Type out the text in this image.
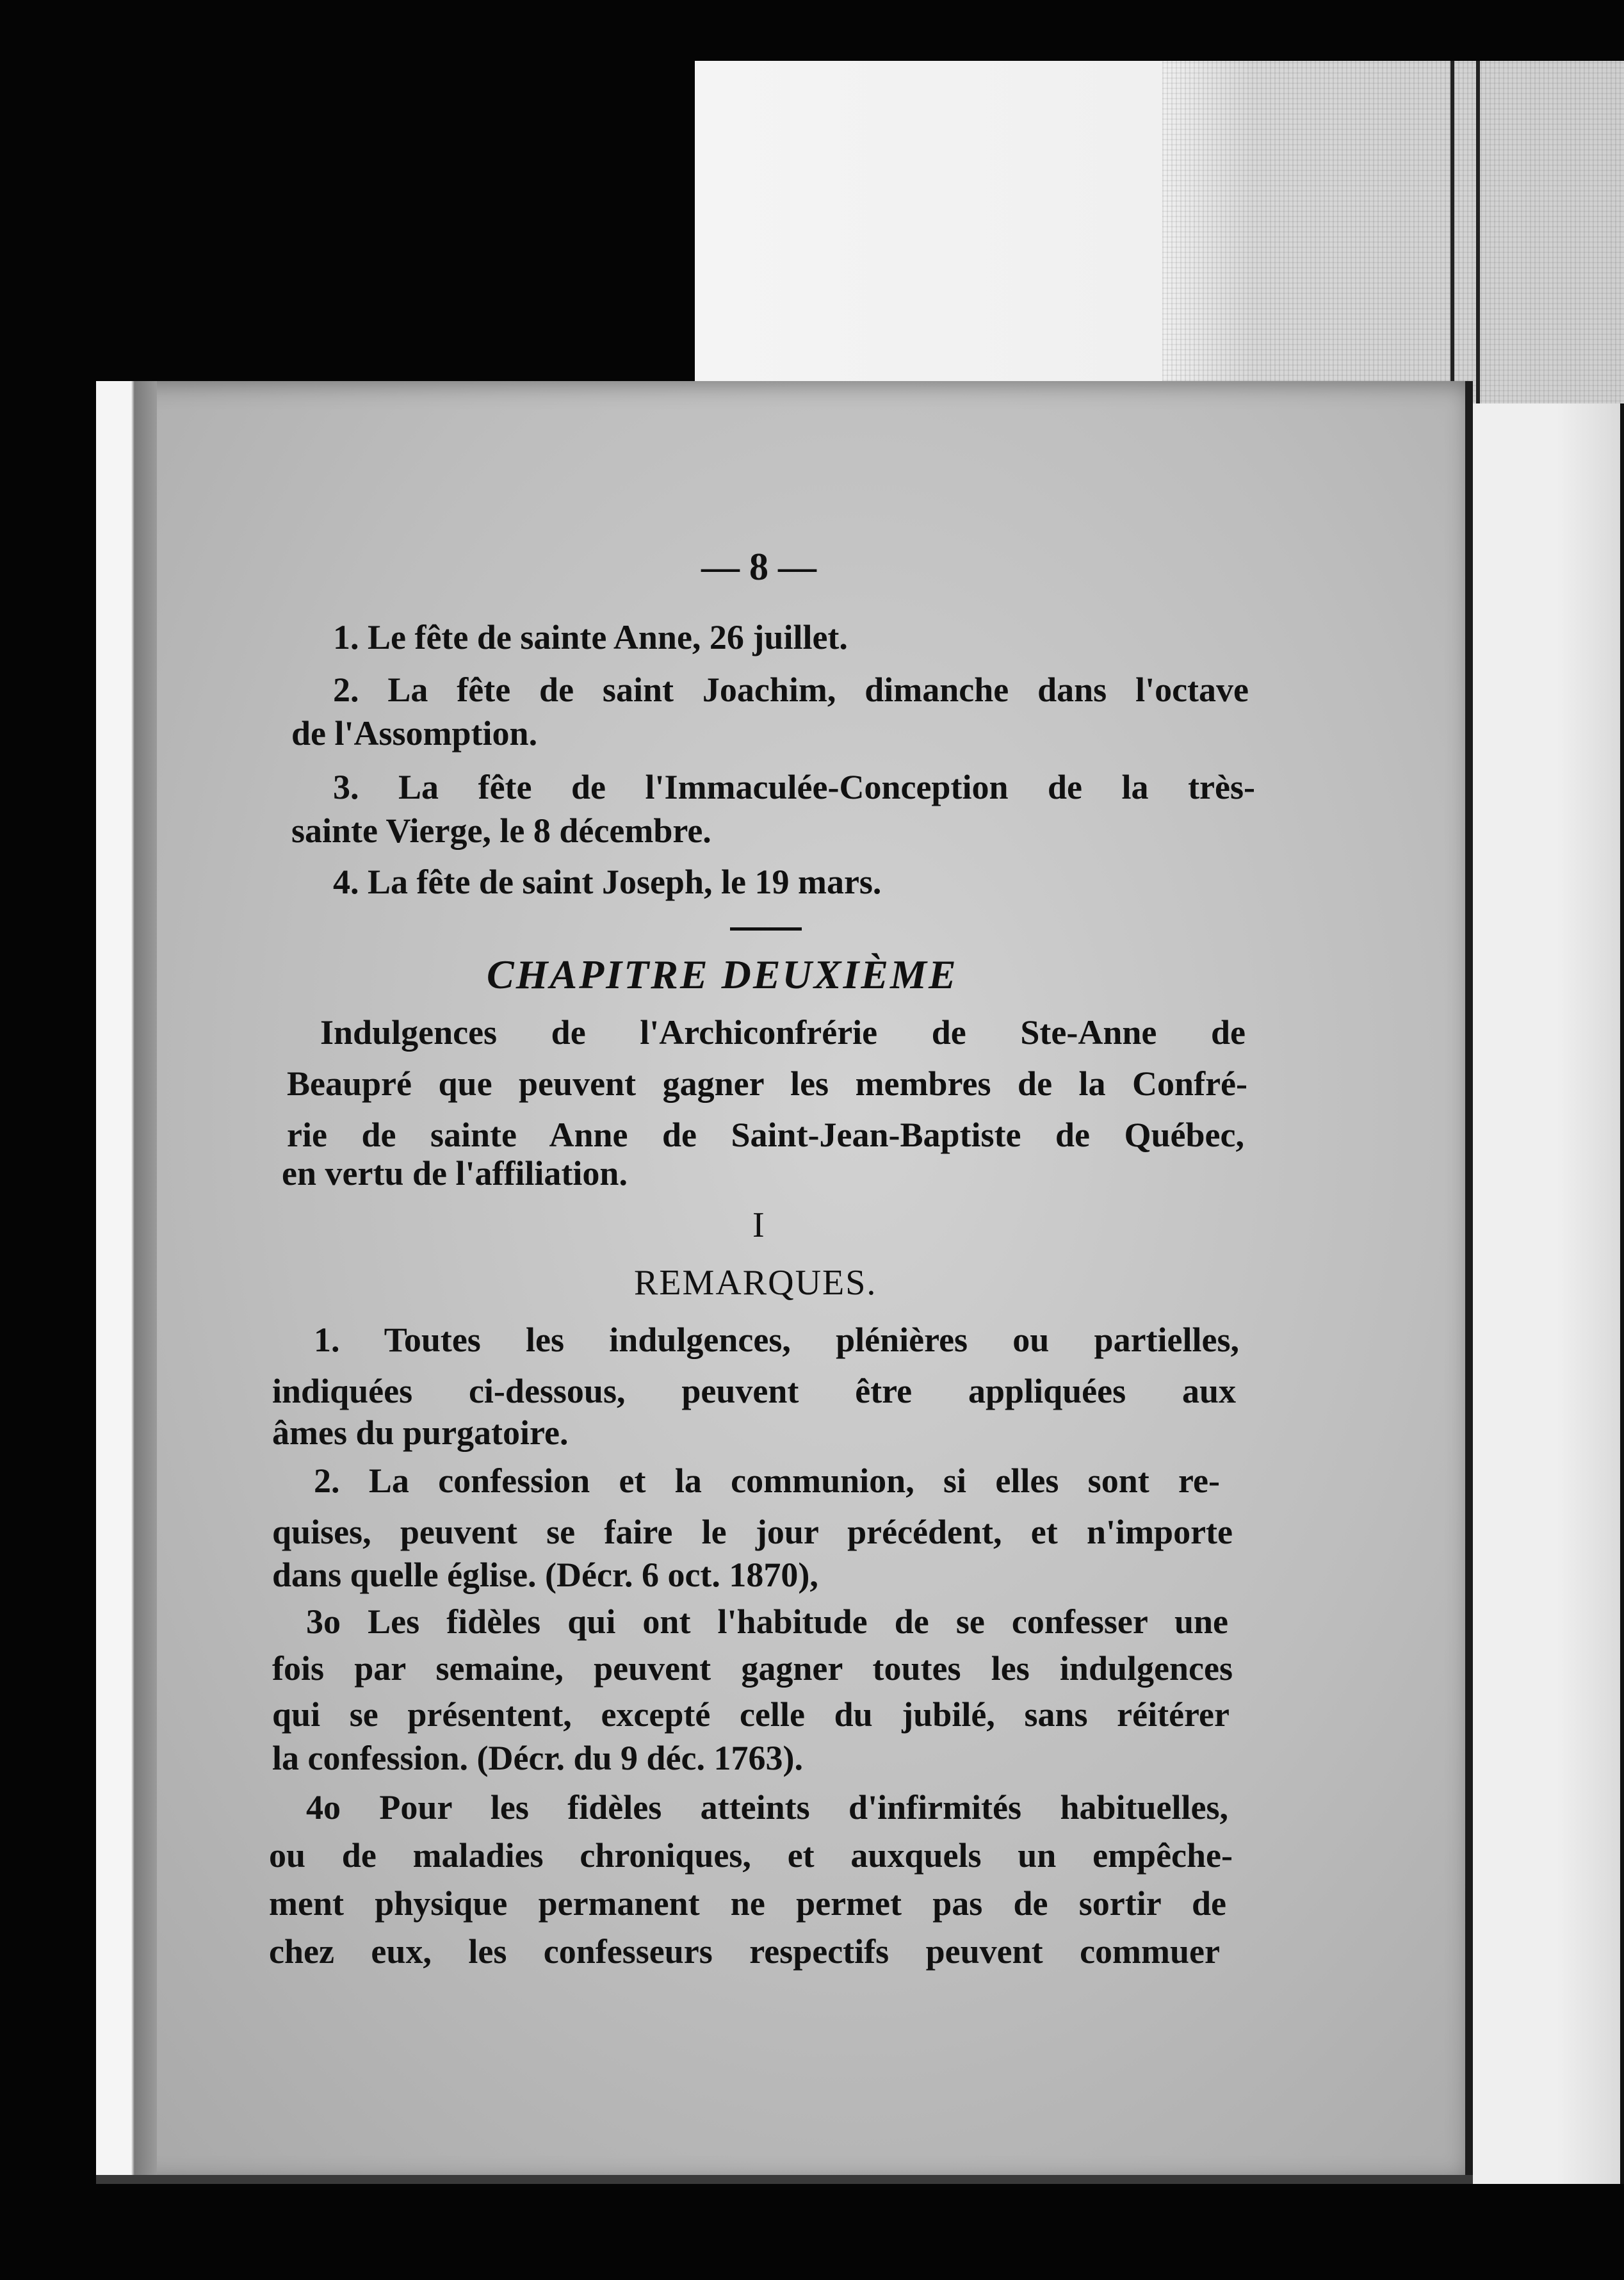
— 8 —
1. Le fête de sainte Anne, 26 juillet.
2. La fête de saint Joachim, dimanche dans l'octave
de l'Assomption.
3. La fête de l'Immaculée-Conception de la très-
sainte Vierge, le 8 décembre.
4. La fête de saint Joseph, le 19 mars.
CHAPITRE DEUXIÈME
Indulgences de l'Archiconfrérie de Ste-Anne de
Beaupré que peuvent gagner les membres de la Confré-
rie de sainte Anne de Saint-Jean-Baptiste de Québec,
en vertu de l'affiliation.
I
REMARQUES.
1. Toutes les indulgences, plénières ou partielles,
indiquées ci-dessous, peuvent être appliquées aux
âmes du purgatoire.
2. La confession et la communion, si elles sont re-
quises, peuvent se faire le jour précédent, et n'importe
dans quelle église. (Décr. 6 oct. 1870),
3o Les fidèles qui ont l'habitude de se confesser une
fois par semaine, peuvent gagner toutes les indulgences
qui se présentent, excepté celle du jubilé, sans réitérer
la confession. (Décr. du 9 déc. 1763).
4o Pour les fidèles atteints d'infirmités habituelles,
ou de maladies chroniques, et auxquels un empêche-
ment physique permanent ne permet pas de sortir de
chez eux, les confesseurs respectifs peuvent commuer
